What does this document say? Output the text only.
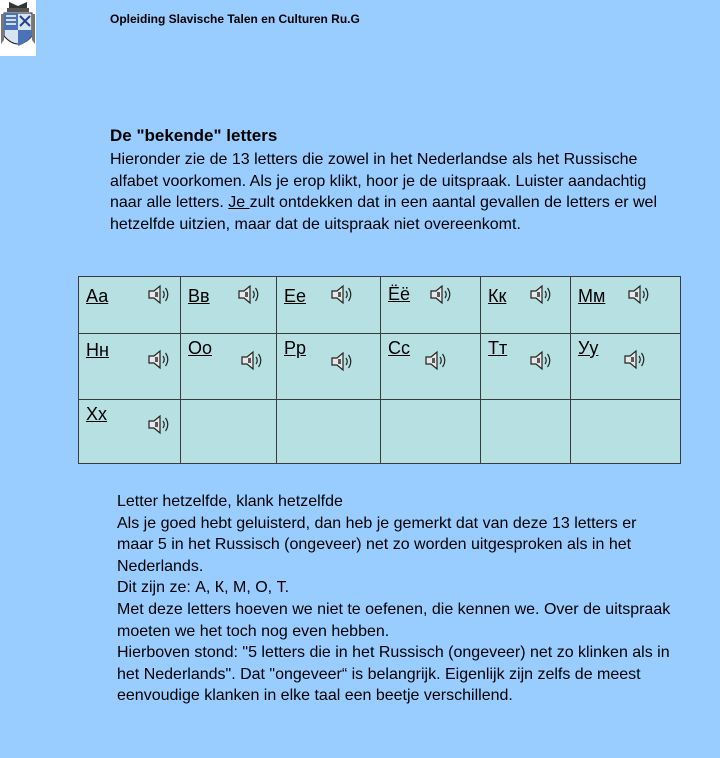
Opleiding Slavische Talen en Culturen Ru.G

De "bekende" letters

Hieronder zie de 13 letters die zowel in het Nederlandse als het Russische alfabet voorkomen. Als je erop klikt, hoor je de uitspraak. Luister aandachtig naar alle letters. Je zult ontdekken dat in een aantal gevallen de letters er wel hetzelfde uitzien, maar dat de uitspraak niet overeenkomt.

Аа	Вв	Ее	Ёё	Кк	Мм

Нн	Оо	Рр	Сс	Тт	Уу

Хх					

Letter hetzelfde, klank hetzelfde

Als je goed hebt geluisterd, dan heb je gemerkt dat van deze 13 letters er maar 5 in het Russisch (ongeveer) net zo worden uitgesproken als in het Nederlands.

Dit zijn ze: А, К, М, О, Т.

Met deze letters hoeven we niet te oefenen, die kennen we. Over de uitspraak moeten we het toch nog even hebben.

Hierboven stond: "5 letters die in het Russisch (ongeveer) net zo klinken als in het Nederlands". Dat "ongeveer“ is belangrijk. Eigenlijk zijn zelfs de meest eenvoudige klanken in elke taal een beetje verschillend.
